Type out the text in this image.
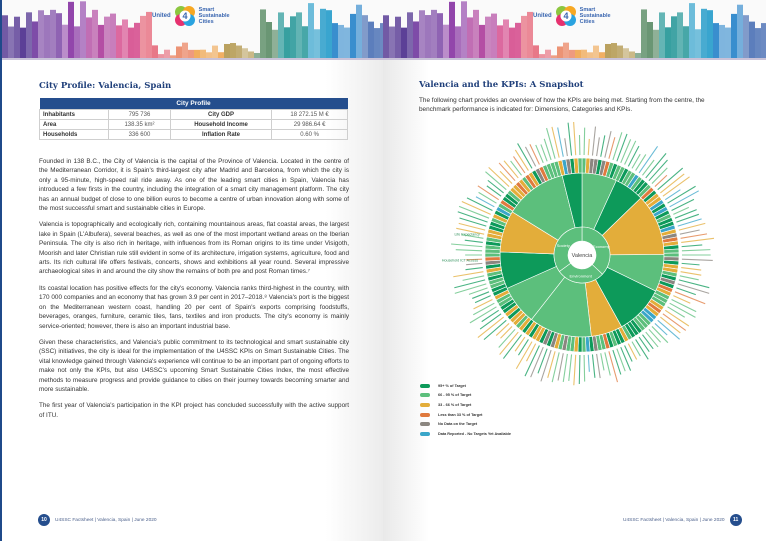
United 4
Smart
Sustainable
Cities
City Profile: Valencia, Spain
City Profile			
Inhabitants	795 736	City GDP	18 272.15 M €
Area	138.35 km²	Household Income	29 986.64 €
Households	336 600	Inflation Rate	0.60 %

Founded in 138 B.C., the City of Valencia is the capital of the Province of Valencia. Located in the centre of the Mediterranean Corridor, it is Spain's third-largest city after Madrid and Barcelona, from which the city is only a 95-minute, high-speed rail ride away. As one of the leading smart cities in Spain, Valencia has introduced a few firsts in the country, including the integration of a smart city management platform. The city has an annual budget of close to one billion euros to become a centre of urban innovation along with some of the most successful smart and sustainable cities in Europe.

Valencia is topographically and ecologically rich, containing mountainous areas, flat coastal areas, the largest lake in Spain (L'Albufera), several beaches, as well as one of the most important wetland areas on the Iberian Peninsula. The city is also rich in heritage, with influences from its Roman origins to its time under Visigoth, Moorish and later Christian rule still evident in some of its architecture, irrigation systems, agriculture, food and arts. Its rich cultural life offers festivals, concerts, shows and exhibitions all year round. Several impressive archaeological sites in and around the city show the remains of both pre and post Roman times.⁷

Its coastal location has positive effects for the city's economy. Valencia ranks third-highest in the country, with 170 000 companies and an economy that has grown 3.9 per cent in 2017–2018.⁸ Valencia's port is the biggest on the Mediterranean western coast, handling 20 per cent of Spain's exports comprising foodstuffs, beverages, oranges, furniture, ceramic tiles, fans, textiles and iron products. The city's economy is mainly service-oriented; however, there is also an important industrial base.

Given these characteristics, and Valencia's public commitment to its technological and smart sustainable city (SSC) initiatives, the city is ideal for the implementation of the U4SSC KPIs on Smart Sustainable Cities. The vital knowledge gained through Valencia's experience will continue to be an important part of ongoing efforts to make not only the KPIs, but also U4SSC's upcoming Smart Sustainable Cities Index, the most effective methods to measure progress and provide guidance to cities on their journey towards becoming smarter and more sustainable.

The first year of Valencia's participation in the KPI project has concluded successfully with the active support of ITU.

10	U4SSC Factsheet | Valencia, Spain | June 2020
United 4
Smart
Sustainable
Cities
Valencia and the KPIs: A Snapshot
The following chart provides an overview of how the KPIs are being met. Starting from the centre, the benchmark performance is indicated for: Dimensions, Categories and KPIs.
Economy
Environment
Society
Valencia
Life Expectancy
Household ICT Access
95+ % of Target
66 - 95 % of Target
33 - 66 % of Target
Less than 33 % of Target
No Data on the Target
Data Reported - No Targets Yet Available
U4SSC Factsheet | Valencia, Spain | June 2020	11
